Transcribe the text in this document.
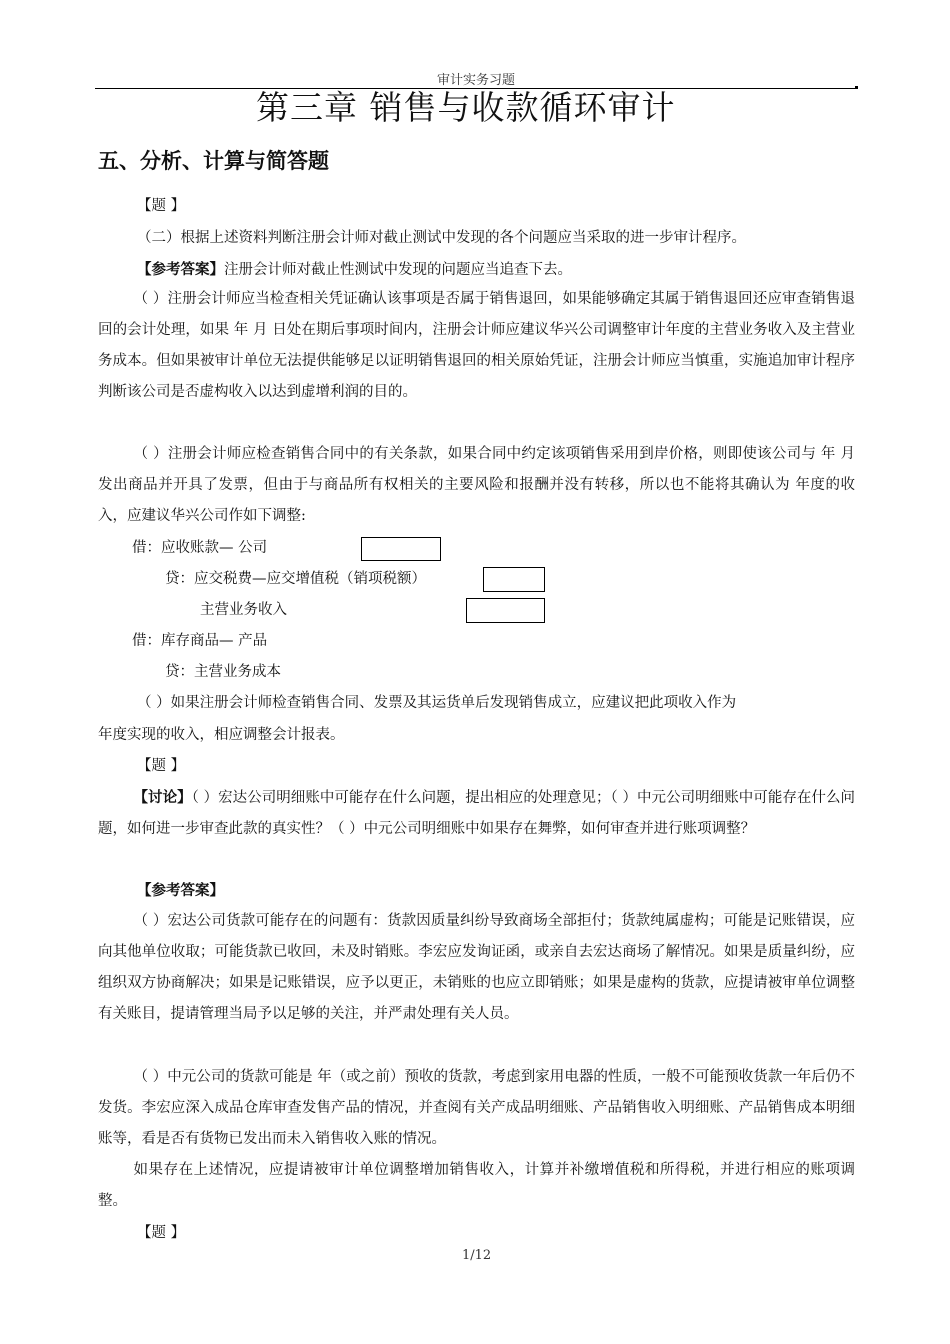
审计实务习题
第三章 销售与收款循环审计
五、分析、计算与简答题
【题 】
（二）根据上述资料判断注册会计师对截止测试中发现的各个问题应当采取的进一步审计程序。
【参考答案】注册会计师对截止性测试中发现的问题应当追查下去。
（ ）注册会计师应当检查相关凭证确认该事项是否属于销售退回，如果能够确定其属于销售退回还应审查销售退回的会计处理，如果 年 月 日处在期后事项时间内，注册会计师应建议华兴公司调整审计年度的主营业务收入及主营业务成本。但如果被审计单位无法提供能够足以证明销售退回的相关原始凭证，注册会计师应当慎重，实施追加审计程序判断该公司是否虚构收入以达到虚增利润的目的。
（ ）注册会计师应检查销售合同中的有关条款，如果合同中约定该项销售采用到岸价格，则即使该公司与 年 月发出商品并开具了发票，但由于与商品所有权相关的主要风险和报酬并没有转移，所以也不能将其确认为 年度的收入，应建议华兴公司作如下调整:
借：应收账款— 公司
贷：应交税费—应交增值税（销项税额）
主营业务收入
借：库存商品— 产品
贷：主营业务成本
（ ）如果注册会计师检查销售合同、发票及其运货单后发现销售成立，应建议把此项收入作为
年度实现的收入，相应调整会计报表。
【题 】
【讨论】（ ）宏达公司明细账中可能存在什么问题，提出相应的处理意见；（ ）中元公司明细账中可能存在什么问题，如何进一步审查此款的真实性？（ ）中元公司明细账中如果存在舞弊，如何审查并进行账项调整？
【参考答案】
（ ）宏达公司货款可能存在的问题有：货款因质量纠纷导致商场全部拒付；货款纯属虚构；可能是记账错误，应向其他单位收取；可能货款已收回，未及时销账。李宏应发询证函，或亲自去宏达商场了解情况。如果是质量纠纷，应组织双方协商解决；如果是记账错误，应予以更正，未销账的也应立即销账；如果是虚构的货款，应提请被审单位调整有关账目，提请管理当局予以足够的关注，并严肃处理有关人员。
（ ）中元公司的货款可能是 年（或之前）预收的货款，考虑到家用电器的性质，一般不可能预收货款一年后仍不发货。李宏应深入成品仓库审查发售产品的情况，并查阅有关产成品明细账、产品销售收入明细账、产品销售成本明细账等，看是否有货物已发出而未入销售收入账的情况。
如果存在上述情况，应提请被审计单位调整增加销售收入，计算并补缴增值税和所得税，并进行相应的账项调整。
【题 】
1/12
